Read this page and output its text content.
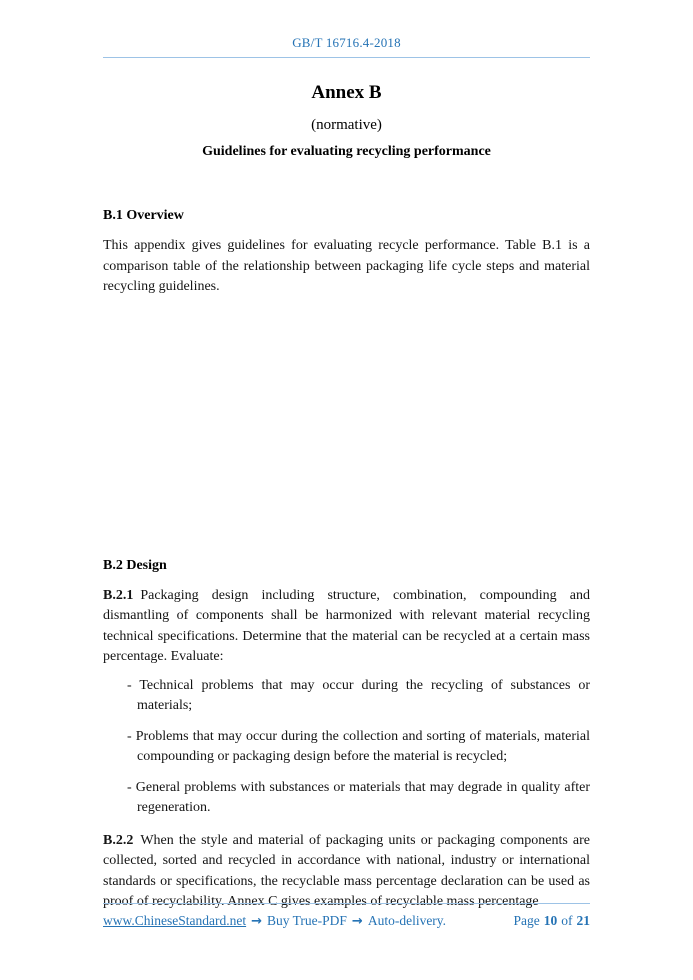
GB/T 16716.4-2018
Annex B
(normative)
Guidelines for evaluating recycling performance
B.1 Overview

This appendix gives guidelines for evaluating recycle performance. Table B.1 is a comparison table of the relationship between packaging life cycle steps and material recycling guidelines.

B.2 Design

B.2.1 Packaging design including structure, combination, compounding and dismantling of components shall be harmonized with relevant material recycling technical specifications. Determine that the material can be recycled at a certain mass percentage. Evaluate:

- Technical problems that may occur during the recycling of substances or materials;
- Problems that may occur during the collection and sorting of materials, material compounding or packaging design before the material is recycled;
- General problems with substances or materials that may degrade in quality after regeneration.

B.2.2 When the style and material of packaging units or packaging components are collected, sorted and recycled in accordance with national, industry or international standards or specifications, the recyclable mass percentage declaration can be used as proof of recyclability. Annex C gives examples of recyclable mass percentage

www.ChineseStandard.net → Buy True-PDF → Auto-delivery.	Page 10 of 21
